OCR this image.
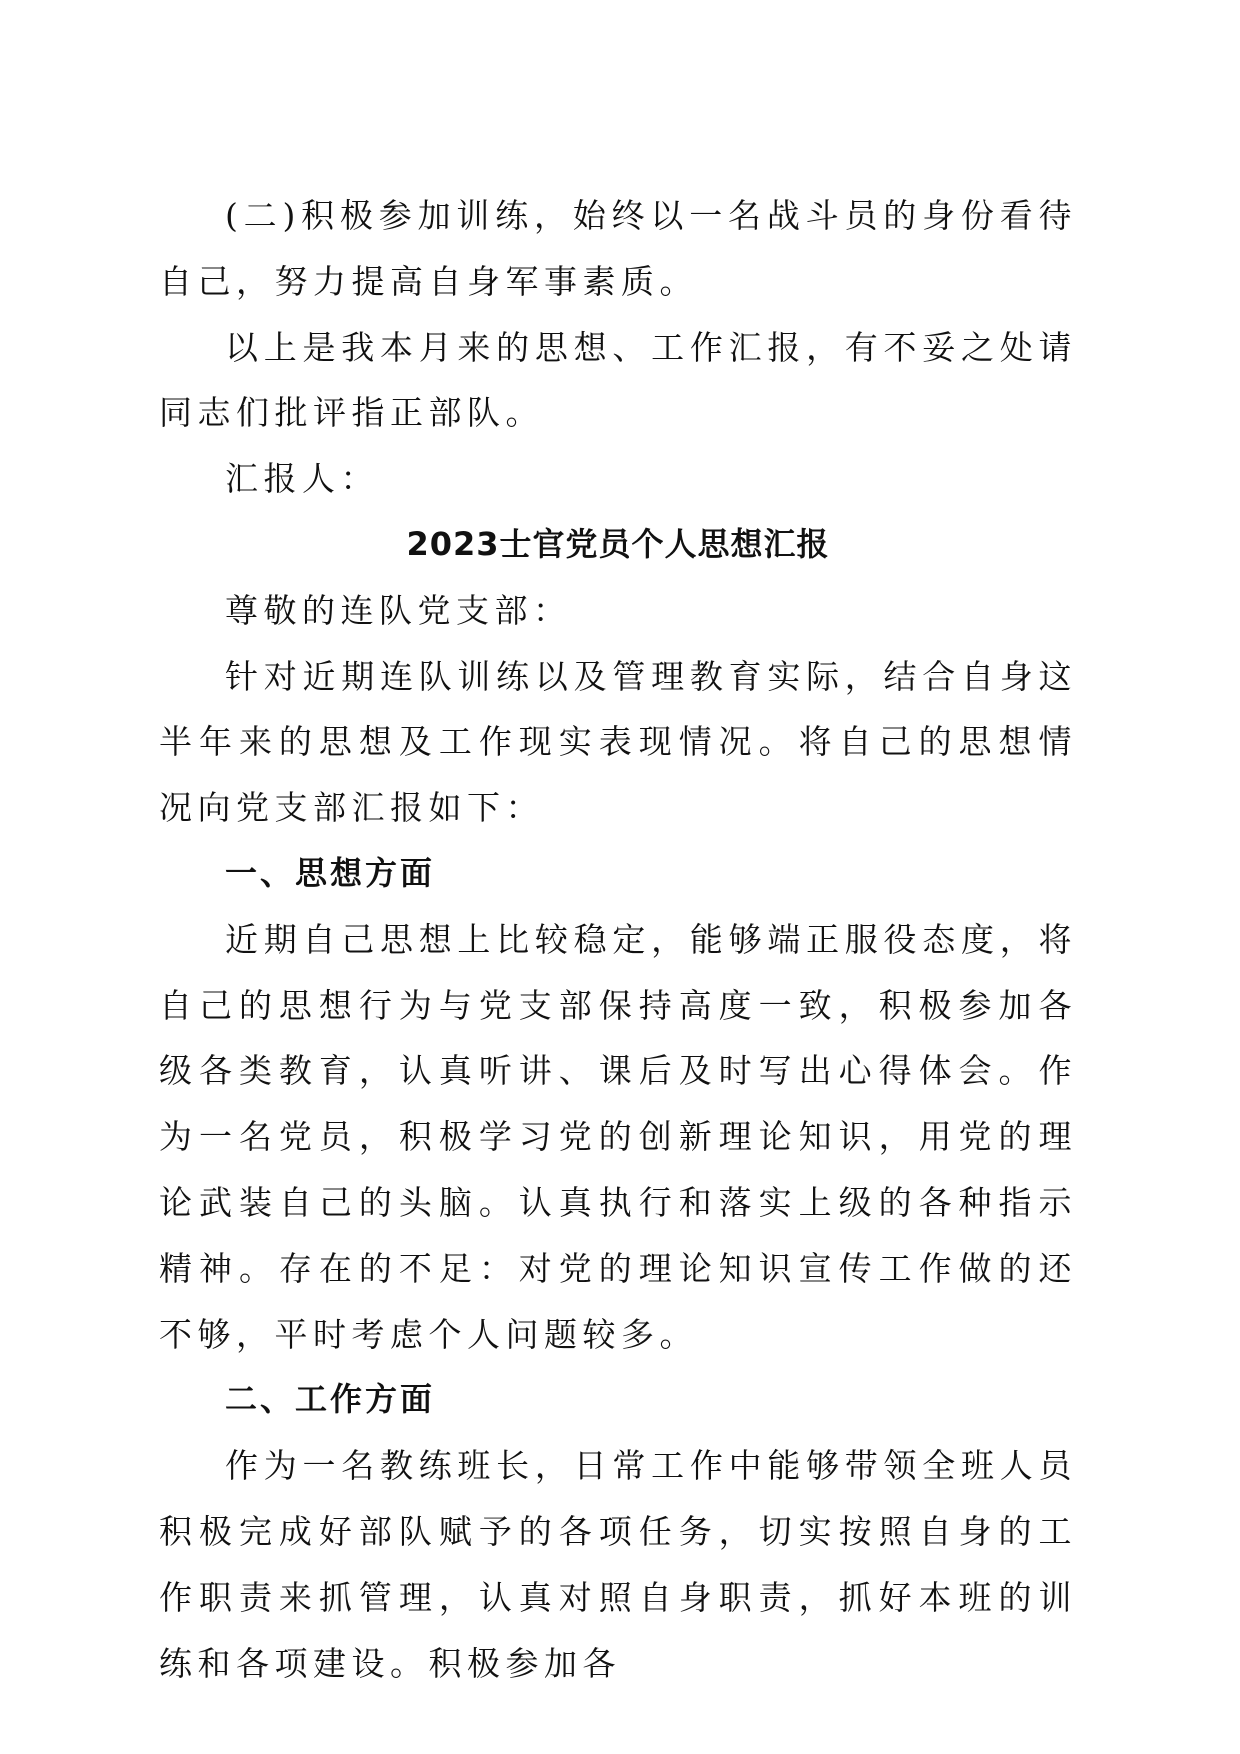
(二)积极参加训练，始终以一名战斗员的身份看待自己，努力提高自身军事素质。

以上是我本月来的思想、工作汇报，有不妥之处请同志们批评指正部队。

汇报人：

2023士官党员个人思想汇报

尊敬的连队党支部：

针对近期连队训练以及管理教育实际，结合自身这半年来的思想及工作现实表现情况。将自己的思想情况向党支部汇报如下：

一、思想方面

近期自己思想上比较稳定，能够端正服役态度，将自己的思想行为与党支部保持高度一致，积极参加各级各类教育，认真听讲、课后及时写出心得体会。作为一名党员，积极学习党的创新理论知识，用党的理论武装自己的头脑。认真执行和落实上级的各种指示精神。存在的不足：对党的理论知识宣传工作做的还不够，平时考虑个人问题较多。

二、工作方面

作为一名教练班长，日常工作中能够带领全班人员积极完成好部队赋予的各项任务，切实按照自身的工作职责来抓管理，认真对照自身职责，抓好本班的训练和各项建设。积极参加各
